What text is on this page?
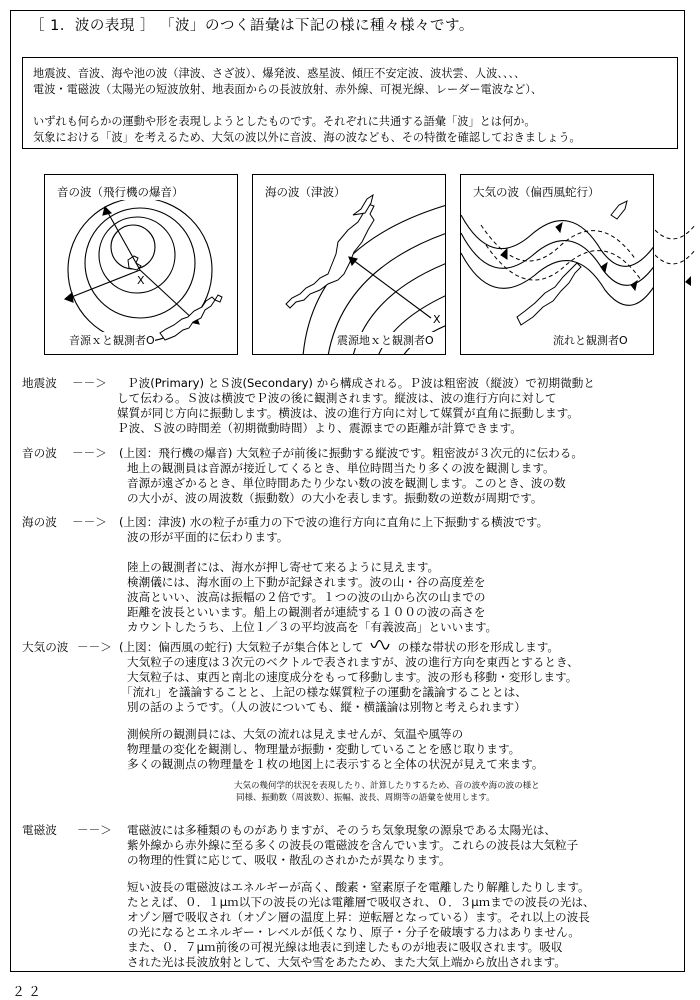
［ 1．波の表現 ］ 「波」のつく語彙は下記の様に種々様々です。

地震波、音波、海や池の波（津波、さざ波）、爆発波、惑星波、傾圧不安定波、波状雲、人波、、、、

電波・電磁波（太陽光の短波放射、地表面からの長波放射、赤外線、可視光線、レーダー電波など）、

いずれも何らかの運動や形を表現しようとしたものです。それぞれに共通する語彙「波」とは何か。

気象における「波」を考えるため、大気の波以外に音波、海の波なども、その特徴を確認しておきましょう。

音の波（飛行機の爆音）
X
音源ｘと観測者O
海の波（津波）
X
震源地ｘと観測者O
大気の波（偏西風蛇行）
流れと観測者O
地震波 －－＞ Ｐ波(Primary) とＳ波(Secondary) から構成される。Ｐ波は粗密波（縦波）で初期微動と

して伝わる。Ｓ波は横波でＰ波の後に観測されます。縦波は、波の進行方向に対して

媒質が同じ方向に振動します。横波は、波の進行方向に対して媒質が直角に振動します。

Ｐ波、Ｓ波の時間差（初期微動時間）より、震源までの距離が計算できます。

音の波 －－＞ (上図：飛行機の爆音) 大気粒子が前後に振動する縦波です。粗密波が３次元的に伝わる。

地上の観測員は音源が接近してくるとき、単位時間当たり多くの波を観測します。

音源が遠ざかるとき、単位時間あたり少ない数の波を観測します。このとき、波の数

の大小が、波の周波数（振動数）の大小を表します。振動数の逆数が周期です。

海の波 －－＞ (上図：津波) 水の粒子が重力の下で波の進行方向に直角に上下振動する横波です。

波の形が平面的に伝わります。

陸上の観測者には、海水が押し寄せて来るように見えます。

検潮儀には、海水面の上下動が記録されます。波の山・谷の高度差を

波高といい、波高は振幅の２倍です。１つの波の山から次の山までの

距離を波長といいます。船上の観測者が連続する１００の波の高さを

カウントしたうち、上位１／３の平均波高を「有義波高」といいます。

大気の波 －－＞ (上図：偏西風の蛇行) 大気粒子が集合体として	の様な帯状の形を形成します。

大気粒子の速度は３次元のベクトルで表されますが、波の進行方向を東西とするとき、

大気粒子は、東西と南北の速度成分をもって移動します。波の形も移動・変形します。

「流れ」を議論することと、上記の様な媒質粒子の運動を議論することとは、

別の話のようです。（人の波についても、縦・横議論は別物と考えられます）

測候所の観測員には、大気の流れは見えませんが、気温や風等の

物理量の変化を観測し、物理量が振動・変動していることを感じ取ります。

多くの観測点の物理量を１枚の地図上に表示すると全体の状況が見えて来ます。

電磁波 －－＞ 電磁波には多種類のものがありますが、そのうち気象現象の源泉である太陽光は、

紫外線から赤外線に至る多くの波長の電磁波を含んでいます。これらの波長は大気粒子

の物理的性質に応じて、吸収・散乱のされかたが異なります。

短い波長の電磁波はエネルギーが高く、酸素・窒素原子を電離したり解離したりします。

たとえば、０．１μｍ以下の波長の光は電離層で吸収され、０．３μｍまでの波長の光は、

オゾン層で吸収され（オゾン層の温度上昇：逆転層となっている）ます。それ以上の波長

の光になるとエネルギー・レベルが低くなり、原子・分子を破壊する力はありません。

また、０．７μｍ前後の可視光線は地表に到達したものが地表に吸収されます。吸収

された光は長波放射として、大気や雪をあたため、また大気上端から放出されます。

大気の幾何学的状況を表現したり、計算したりするため、音の波や海の波の様と

同様、振動数（周波数）、振幅、波長、周期等の語彙を使用します。

２２
